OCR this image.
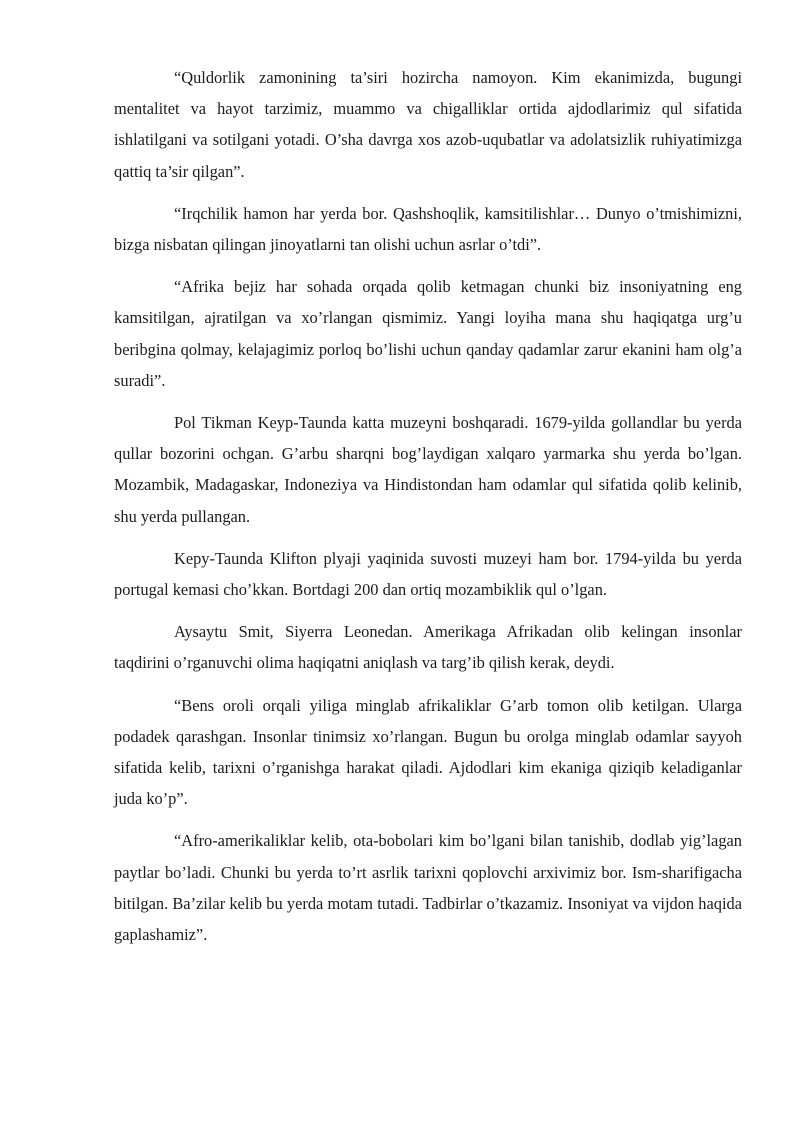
“Quldorlik zamonining ta’siri hozircha namoyon. Kim ekanimizda, bugungi mentalitet va hayot tarzimiz, muammo va chigalliklar ortida ajdodlarimiz qul sifatida ishlatilgani va sotilgani yotadi. O’sha davrga xos azob-uqubatlar va adolatsizlik ruhiyatimizga qattiq ta’sir qilgan”.

“Irqchilik hamon har yerda bor. Qashshoqlik, kamsitilishlar… Dunyo o’tmishimizni, bizga nisbatan qilingan jinoyatlarni tan olishi uchun asrlar o’tdi”.

“Afrika bejiz har sohada orqada qolib ketmagan chunki biz insoniyatning eng kamsitilgan, ajratilgan va xo’rlangan qismimiz. Yangi loyiha mana shu haqiqatga urg’u beribgina qolmay, kelajagimiz porloq bo’lishi uchun qanday qadamlar zarur ekanini ham olg’a suradi”.

Pol Tikman Keyp-Taunda katta muzeyni boshqaradi. 1679-yilda gollandlar bu yerda qullar bozorini ochgan. G’arbu sharqni bog’laydigan xalqaro yarmarka shu yerda bo’lgan. Mozambik, Madagaskar, Indoneziya va Hindistondan ham odamlar qul sifatida qolib kelinib, shu yerda pullangan.

Kepy-Taunda Klifton plyaji yaqinida suvosti muzeyi ham bor. 1794-yilda bu yerda portugal kemasi cho’kkan. Bortdagi 200 dan ortiq mozambiklik qul o’lgan.

Aysaytu Smit, Siyerra Leonedan. Amerikaga Afrikadan olib kelingan insonlar taqdirini o’rganuvchi olima haqiqatni aniqlash va targ’ib qilish kerak, deydi.

“Bens oroli orqali yiliga minglab afrikaliklar G’arb tomon olib ketilgan. Ularga podadek qarashgan. Insonlar tinimsiz xo’rlangan. Bugun bu orolga minglab odamlar sayyoh sifatida kelib, tarixni o’rganishga harakat qiladi. Ajdodlari kim ekaniga qiziqib keladiganlar juda ko’p”.

“Afro-amerikaliklar kelib, ota-bobolari kim bo’lgani bilan tanishib, dodlab yig’lagan paytlar bo’ladi. Chunki bu yerda to’rt asrlik tarixni qoplovchi arxivimiz bor. Ism-sharifigacha bitilgan. Ba’zilar kelib bu yerda motam tutadi. Tadbirlar o’tkazamiz. Insoniyat va vijdon haqida gaplashamiz”.
